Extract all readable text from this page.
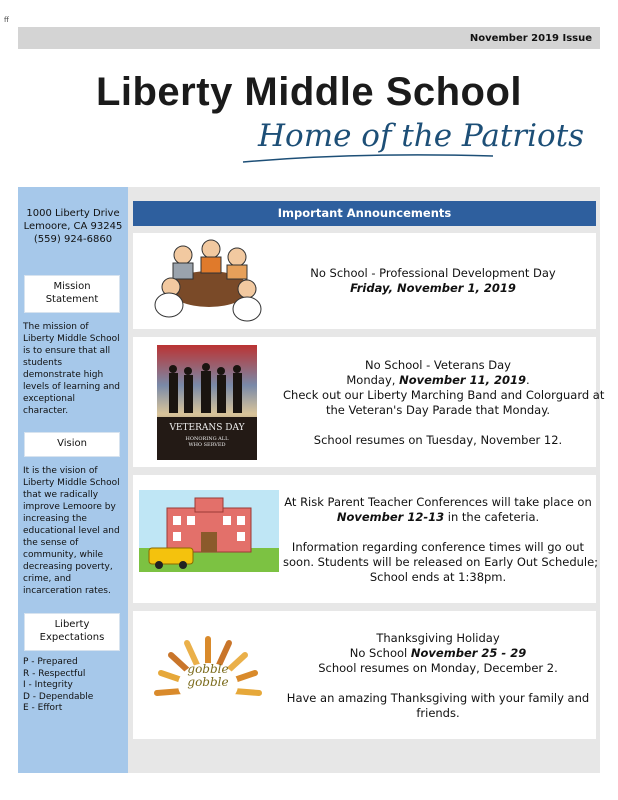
ff
November 2019 Issue
Liberty Middle School
Home of the Patriots
1000 Liberty Drive
Lemoore, CA 93245
(559) 924-6860
Mission
Statement
The mission of
Liberty Middle School
is to ensure that all
students
demonstrate high
levels of learning and
exceptional
character.
Vision
It is the vision of
Liberty Middle School
that we radically
improve Lemoore by
increasing the
educational level and
the sense of
community, while
decreasing poverty,
crime, and
incarceration rates.
Liberty
Expectations
P - Prepared
R - Respectful
I - Integrity
D - Dependable
E - Effort
Important Announcements
No School - Professional Development Day
Friday, November 1, 2019
VETERANS DAY
HONORING ALL
WHO SERVED
No School - Veterans Day
Monday, November 11, 2019.
Check out our Liberty Marching Band and Colorguard at
the Veteran's Day Parade that Monday.
School resumes on Tuesday, November 12.
At Risk Parent Teacher Conferences will take place on
November 12-13 in the cafeteria.
Information regarding conference times will go out
soon. Students will be released on Early Out Schedule;
School ends at 1:38pm.
gobble
gobble
Thanksgiving Holiday
No School November 25 - 29
School resumes on Monday, December 2.
Have an amazing Thanksgiving with your family and
friends.
